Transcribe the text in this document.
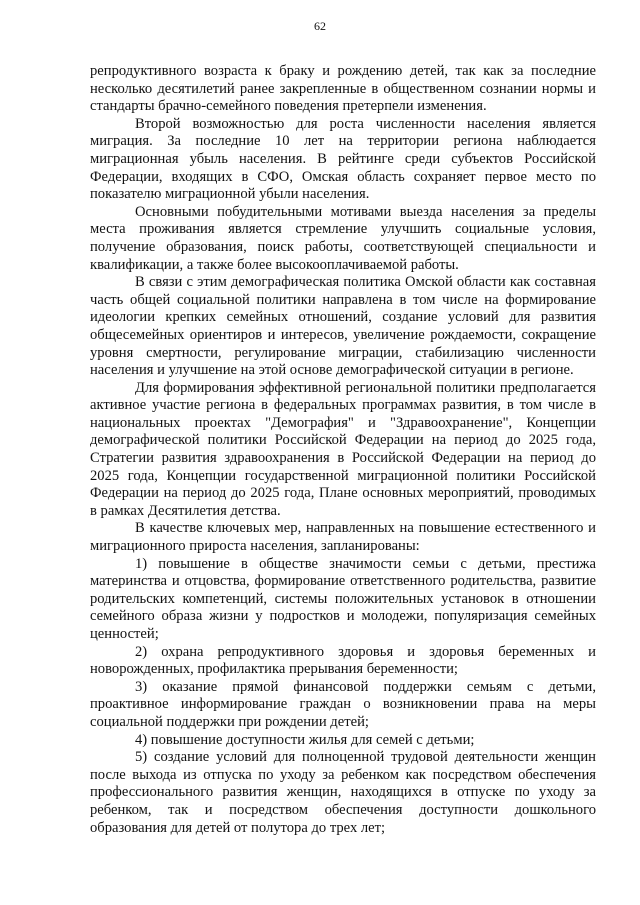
62

репродуктивного возраста к браку и рождению детей, так как за последние несколько десятилетий ранее закрепленные в общественном сознании нормы и стандарты брачно-семейного поведения претерпели изменения.

Второй возможностью для роста численности населения является миграция. За последние 10 лет на территории региона наблюдается миграционная убыль населения. В рейтинге среди субъектов Российской Федерации, входящих в СФО, Омская область сохраняет первое место по показателю миграционной убыли населения.

Основными побудительными мотивами выезда населения за пределы места проживания является стремление улучшить социальные условия, получение образования, поиск работы, соответствующей специальности и квалификации, а также более высокооплачиваемой работы.

В связи с этим демографическая политика Омской области как составная часть общей социальной политики направлена в том числе на формирование идеологии крепких семейных отношений, создание условий для развития общесемейных ориентиров и интересов, увеличение рождаемости, сокращение уровня смертности, регулирование миграции, стабилизацию численности населения и улучшение на этой основе демографической ситуации в регионе.

Для формирования эффективной региональной политики предполагается активное участие региона в федеральных программах развития, в том числе в национальных проектах "Демография" и "Здравоохранение", Концепции демографической политики Российской Федерации на период до 2025 года, Стратегии развития здравоохранения в Российской Федерации на период до 2025 года, Концепции государственной миграционной политики Российской Федерации на период до 2025 года, Плане основных мероприятий, проводимых в рамках Десятилетия детства.

В качестве ключевых мер, направленных на повышение естественного и миграционного прироста населения, запланированы:

1) повышение в обществе значимости семьи с детьми, престижа материнства и отцовства, формирование ответственного родительства, развитие родительских компетенций, системы положительных установок в отношении семейного образа жизни у подростков и молодежи, популяризация семейных ценностей;

2) охрана репродуктивного здоровья и здоровья беременных и новорожденных, профилактика прерывания беременности;

3) оказание прямой финансовой поддержки семьям с детьми, проактивное информирование граждан о возникновении права на меры социальной поддержки при рождении детей;

4) повышение доступности жилья для семей с детьми;

5) создание условий для полноценной трудовой деятельности женщин после выхода из отпуска по уходу за ребенком как посредством обеспечения профессионального развития женщин, находящихся в отпуске по уходу за ребенком, так и посредством обеспечения доступности дошкольного образования для детей от полутора до трех лет;
